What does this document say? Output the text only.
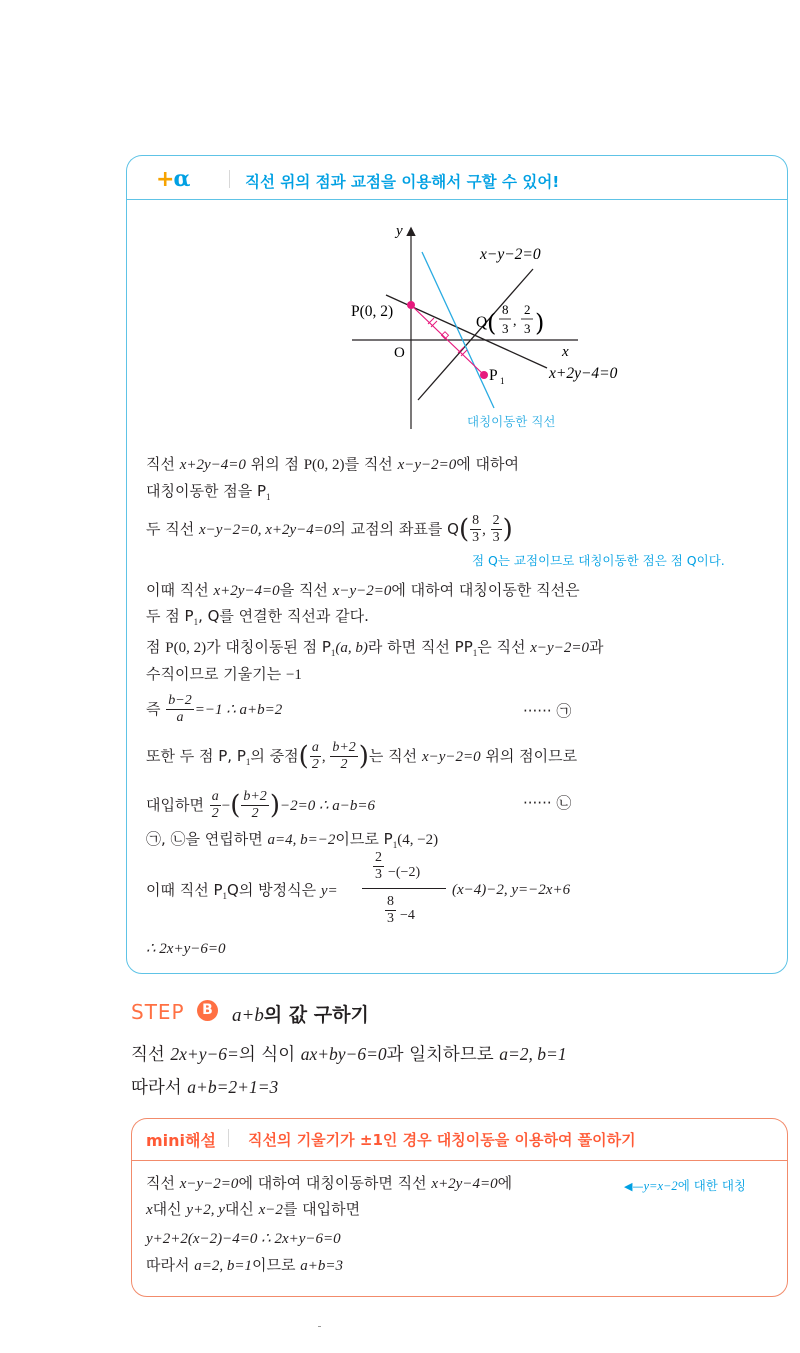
+α	직선 위의 점과 교점을 이용해서 구할 수 있어!
y
x
O
x−y−2=0
x+2y−4=0
P(0, 2)
Q ( 8
3 ,
2
3 )
P 1
대칭이동한 직선
직선 x+2y−4=0 위의 점 P(0, 2)를 직선 x−y−2=0에 대하여
대칭이동한 점을 $P_1$
두 직선 x−y−2=0, x+2y−4=0의 교점의 좌표를 $Q( \frac{8}{3}$ , $\frac{2}{3}$ )
점 Q는 교점이므로 대칭이동한 점은 점 Q이다.
이때 직선 x+2y−4=0을 직선 x−y−2=0에 대하여 대칭이동한 직선은
두 점 $P_1$, Q를 연결한 직선과 같다.
점 P(0, 2)가 대칭이동된 점 $P_1(a$, b)라 하면 직선 $PP_1$은 직선 x−y−2=0과
수직이므로 기울기는 −1
즉 $\frac{b-2}{a} =-1$ ∴ a+b=2	······ ㉠
또한 두 점 P, $P_1$의 중점( $\frac{a}{2}$ , $\frac{b+2}{2}$ )는 직선 x−y−2=0 위의 점이므로
대입하면 $\frac{a}{2}$ −( $\frac{b+2}{2} )-2=0$ ∴ a−b=6	······ ㉡
㉠, ㉡을 연립하면 a=4, b=−2이므로 $P_1(4$, −2)
이때 직선 $P_1Q$의 방정식은 y=
$\frac{2}{3} -(-2)$
$\frac{8}{3} -4$
(x−4)−2, y=−2x+6
∴ 2x+y−6=0
STEP	B a+b의 값 구하기
직선 2x+y−6=의 식이 ax+by−6=0과 일치하므로 a=2, b=1
따라서 a+b=2+1=3
mini해설 직선의 기울기가 ±1인 경우 대칭이동을 이용하여 풀이하기
직선 x−y−2=0에 대하여 대칭이동하면 직선 x+2y−4=0에	◀—y=x−2에 대한 대칭
x대신 y+2, y대신 x−2를 대입하면
y+2+2(x−2)−4=0 ∴ 2x+y−6=0
따라서 a=2, b=1이므로 a+b=3
